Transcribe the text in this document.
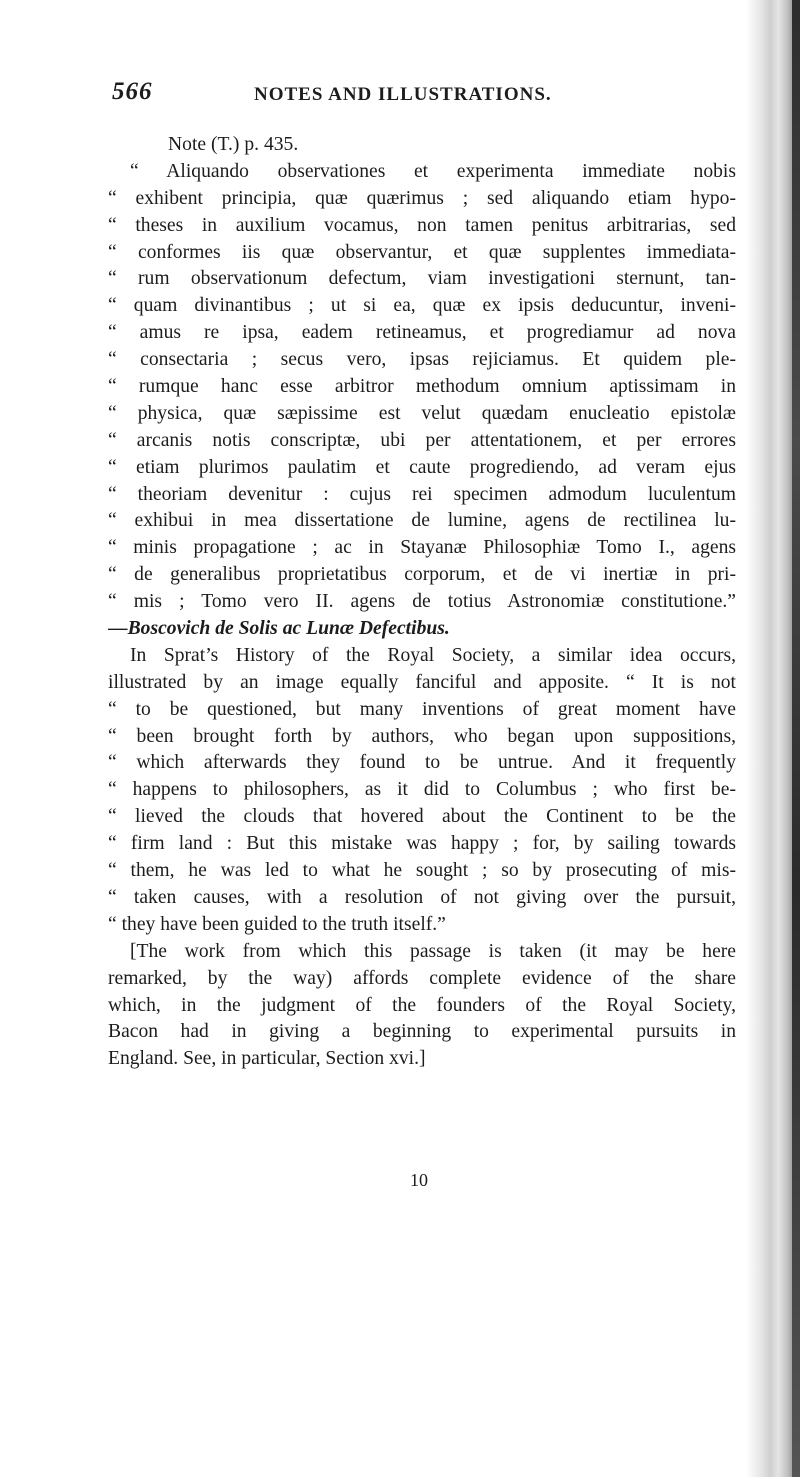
566	NOTES AND ILLUSTRATIONS.
Note (T.) p. 435.
“ Aliquando observationes et experimenta immediate nobis
“ exhibent principia, quæ quærimus ; sed aliquando etiam hypo-
“ theses in auxilium vocamus, non tamen penitus arbitrarias, sed
“ conformes iis quæ observantur, et quæ supplentes immediata-
“ rum observationum defectum, viam investigationi sternunt, tan-
“ quam divinantibus ; ut si ea, quæ ex ipsis deducuntur, inveni-
“ amus re ipsa, eadem retineamus, et progrediamur ad nova
“ consectaria ; secus vero, ipsas rejiciamus. Et quidem ple-
“ rumque hanc esse arbitror methodum omnium aptissimam in
“ physica, quæ sæpissime est velut quædam enucleatio epistolæ
“ arcanis notis conscriptæ, ubi per attentationem, et per errores
“ etiam plurimos paulatim et caute progrediendo, ad veram ejus
“ theoriam devenitur : cujus rei specimen admodum luculentum
“ exhibui in mea dissertatione de lumine, agens de rectilinea lu-
“ minis propagatione ; ac in Stayanæ Philosophiæ Tomo I., agens
“ de generalibus proprietatibus corporum, et de vi inertiæ in pri-
“ mis ; Tomo vero II. agens de totius Astronomiæ constitutione.”
—Boscovich de Solis ac Lunæ Defectibus.
In Sprat’s History of the Royal Society, a similar idea occurs,
illustrated by an image equally fanciful and apposite. “ It is not
“ to be questioned, but many inventions of great moment have
“ been brought forth by authors, who began upon suppositions,
“ which afterwards they found to be untrue. And it frequently
“ happens to philosophers, as it did to Columbus ; who first be-
“ lieved the clouds that hovered about the Continent to be the
“ firm land : But this mistake was happy ; for, by sailing towards
“ them, he was led to what he sought ; so by prosecuting of mis-
“ taken causes, with a resolution of not giving over the pursuit,
“ they have been guided to the truth itself.”
[The work from which this passage is taken (it may be here
remarked, by the way) affords complete evidence of the share
which, in the judgment of the founders of the Royal Society,
Bacon had in giving a beginning to experimental pursuits in
England. See, in particular, Section xvi.]
10
